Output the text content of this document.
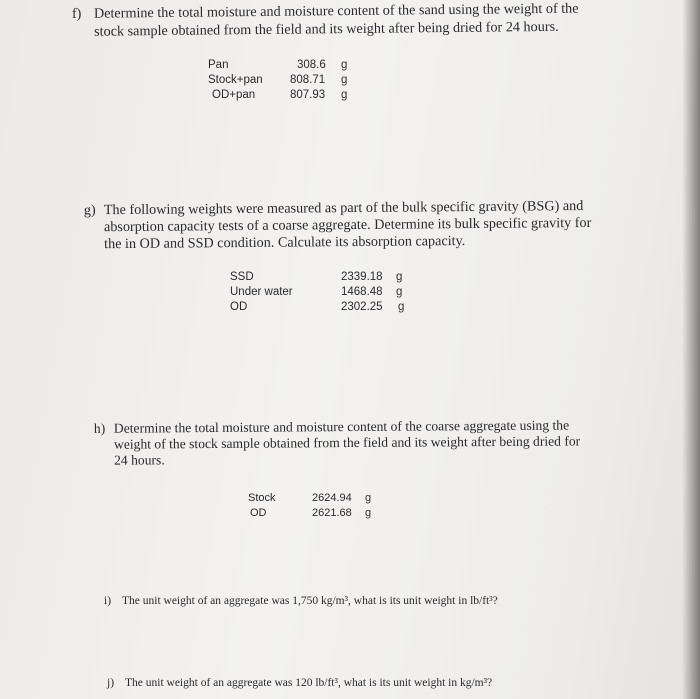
f) Determine the total moisture and moisture content of the sand using the weight of the
stock sample obtained from the field and its weight after being dried for 24 hours.
Pan	308.6 g
Stock+pan 808.71 g
OD+pan	807.93 g
g) The following weights were measured as part of the bulk specific gravity (BSG) and
absorption capacity tests of a coarse aggregate. Determine its bulk specific gravity for
the in OD and SSD condition. Calculate its absorption capacity.
SSD	2339.18 g
Under water	1468.48 g
OD	2302.25 g
h) Determine the total moisture and moisture content of the coarse aggregate using the
weight of the stock sample obtained from the field and its weight after being dried for
24 hours.
Stock	2624.94 g
OD	2621.68 g
i) The unit weight of an aggregate was 1,750 kg/m³, what is its unit weight in lb/ft³?
j) The unit weight of an aggregate was 120 lb/ft³, what is its unit weight in kg/m³?
